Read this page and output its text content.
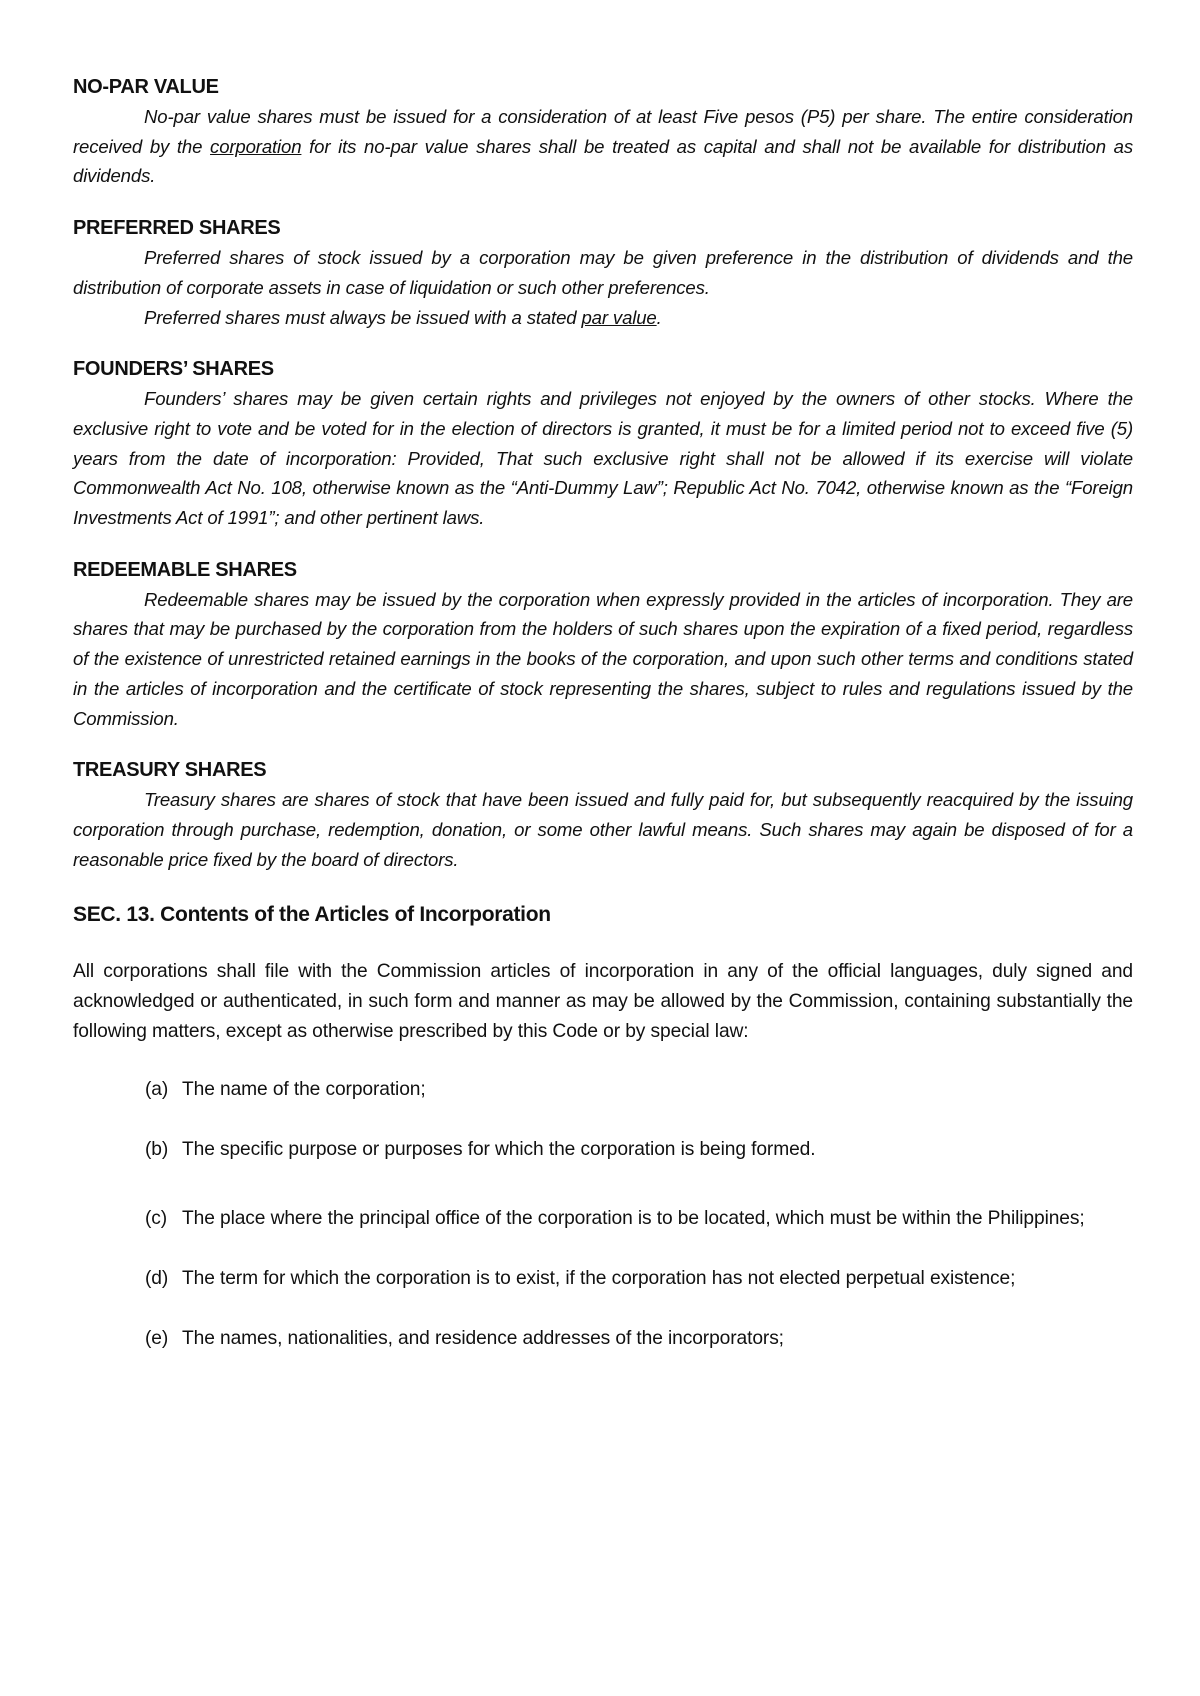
NO-PAR VALUE

No-par value shares must be issued for a consideration of at least Five pesos (P5) per share. The entire consideration received by the corporation for its no-par value shares shall be treated as capital and shall not be available for distribution as dividends.

PREFERRED SHARES

Preferred shares of stock issued by a corporation may be given preference in the distribution of dividends and the distribution of corporate assets in case of liquidation or such other preferences.

Preferred shares must always be issued with a stated par value.

FOUNDERS’ SHARES

Founders’ shares may be given certain rights and privileges not enjoyed by the owners of other stocks. Where the exclusive right to vote and be voted for in the election of directors is granted, it must be for a limited period not to exceed five (5) years from the date of incorporation: Provided, That such exclusive right shall not be allowed if its exercise will violate Commonwealth Act No. 108, otherwise known as the “Anti-Dummy Law”; Republic Act No. 7042, otherwise known as the “Foreign Investments Act of 1991”; and other pertinent laws.

REDEEMABLE SHARES

Redeemable shares may be issued by the corporation when expressly provided in the articles of incorporation. They are shares that may be purchased by the corporation from the holders of such shares upon the expiration of a fixed period, regardless of the existence of unrestricted retained earnings in the books of the corporation, and upon such other terms and conditions stated in the articles of incorporation and the certificate of stock representing the shares, subject to rules and regulations issued by the Commission.

TREASURY SHARES

Treasury shares are shares of stock that have been issued and fully paid for, but subsequently reacquired by the issuing corporation through purchase, redemption, donation, or some other lawful means. Such shares may again be disposed of for a reasonable price fixed by the board of directors.

SEC. 13. Contents of the Articles of Incorporation

All corporations shall file with the Commission articles of incorporation in any of the official languages, duly signed and acknowledged or authenticated, in such form and manner as may be allowed by the Commission, containing substantially the following matters, except as otherwise prescribed by this Code or by special law:

(a) The name of the corporation;

(b) The specific purpose or purposes for which the corporation is being formed.

(c) The place where the principal office of the corporation is to be located, which must be within the Philippines;

(d) The term for which the corporation is to exist, if the corporation has not elected perpetual existence;

(e) The names, nationalities, and residence addresses of the incorporators;
